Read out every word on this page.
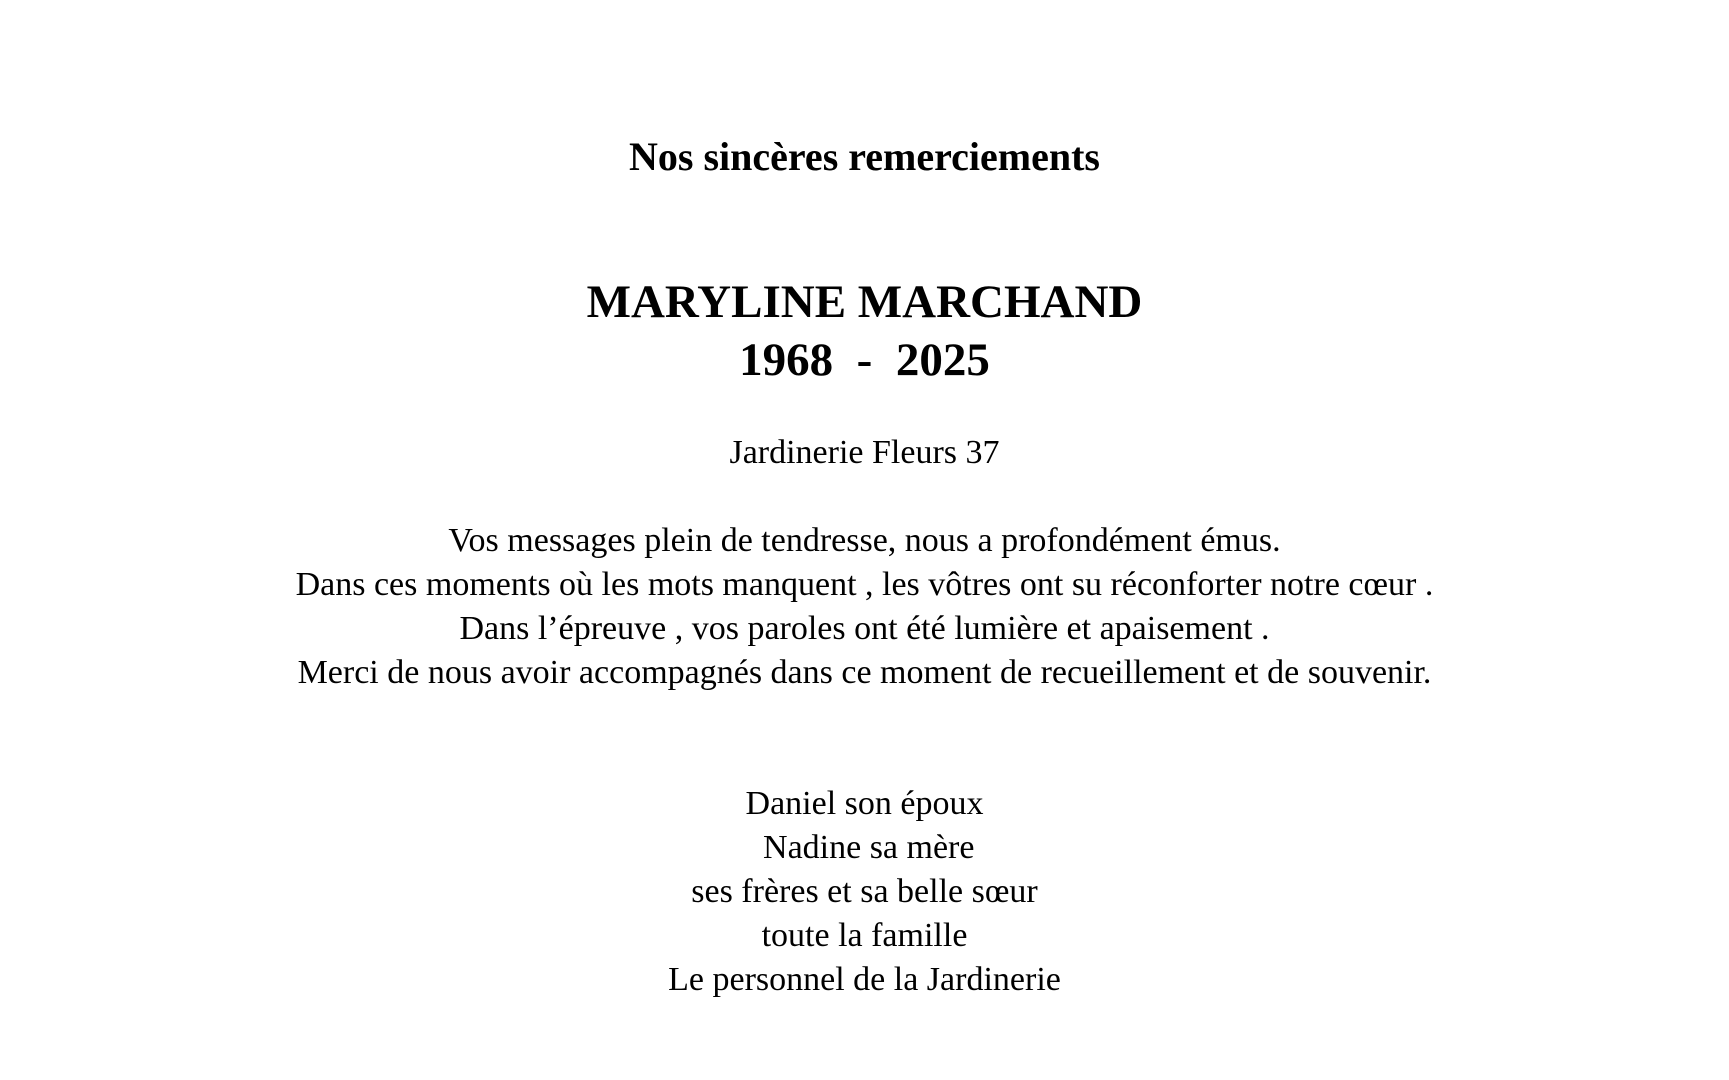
Nos sincères remerciements
MARYLINE MARCHAND
1968  -  2025

Jardinerie Fleurs 37

Vos messages plein de tendresse, nous a profondément émus.
Dans ces moments où les mots manquent , les vôtres ont su réconforter notre cœur .
Dans l’épreuve , vos paroles ont été lumière et apaisement .
Merci de nous avoir accompagnés dans ce moment de recueillement et de souvenir.
Daniel son époux
Nadine sa mère
ses frères et sa belle sœur
toute la famille
Le personnel de la Jardinerie
